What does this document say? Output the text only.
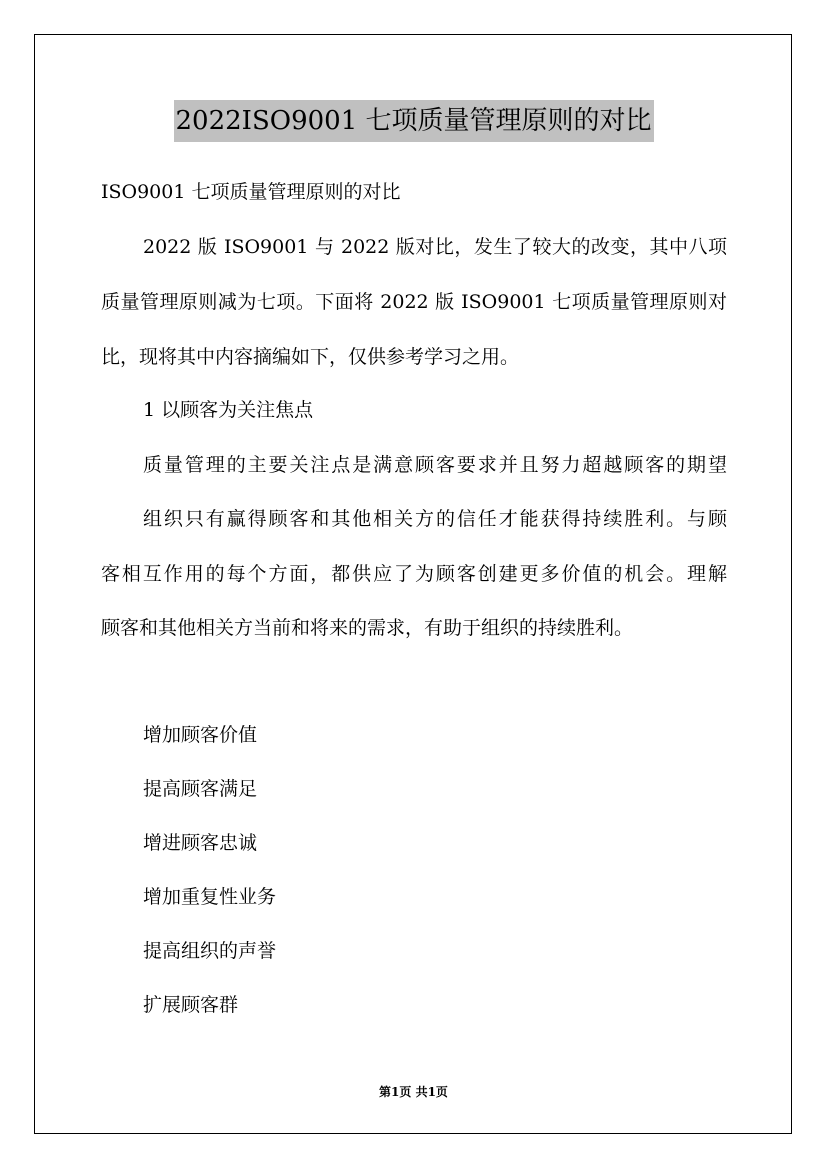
2022ISO9001 七项质量管理原则的对比

ISO9001 七项质量管理原则的对比

2022 版 ISO9001 与 2022 版对比，发生了较大的改变，其中八项

质量管理原则减为七项。下面将 2022 版 ISO9001 七项质量管理原则对

比，现将其中内容摘编如下，仅供参考学习之用。

1 以顾客为关注焦点

质量管理的主要关注点是满意顾客要求并且努力超越顾客的期望

组织只有赢得顾客和其他相关方的信任才能获得持续胜利。与顾

客相互作用的每个方面，都供应了为顾客创建更多价值的机会。理解

顾客和其他相关方当前和将来的需求，有助于组织的持续胜利。

增加顾客价值

提高顾客满足

增进顾客忠诚

增加重复性业务

提高组织的声誉

扩展顾客群

第1页 共1页
